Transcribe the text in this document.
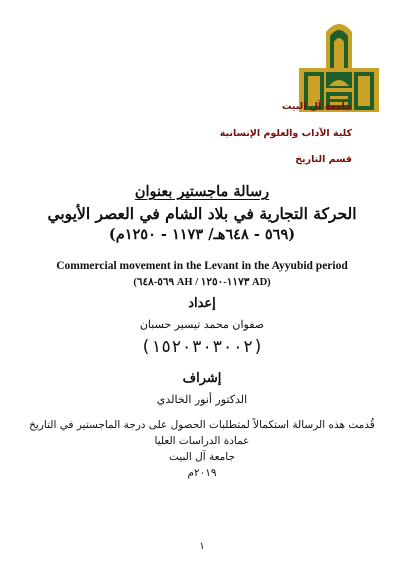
جامعة آل البيت
كلية الآداب والعلوم الإنسانية
قسم التاريخ
رسالة ماجستير بعنوان
الحركة التجارية في بلاد الشام في العصر الأيوبي
(٥٦٩ - ٦٤٨هـ/ ١١٧٣ - ١٢٥٠م)
Commercial movement in the Levant in the Ayyubid period
(٥٦٩-٦٤٨ AH / ١١٧٣-١٢٥٠ AD)
إعداد
صفوان محمد تيسير حسبان
(١٥٢٠٣٠٣٠٠٢)
إشراف
الدكتور أنور الخالدي
قُدمت هذه الرسالة استكمالاً لمتطلبات الحصول على درجة الماجستير في التاريخ
عمادة الدراسات العليا
جامعة آل البيت
٢٠١٩م
١
